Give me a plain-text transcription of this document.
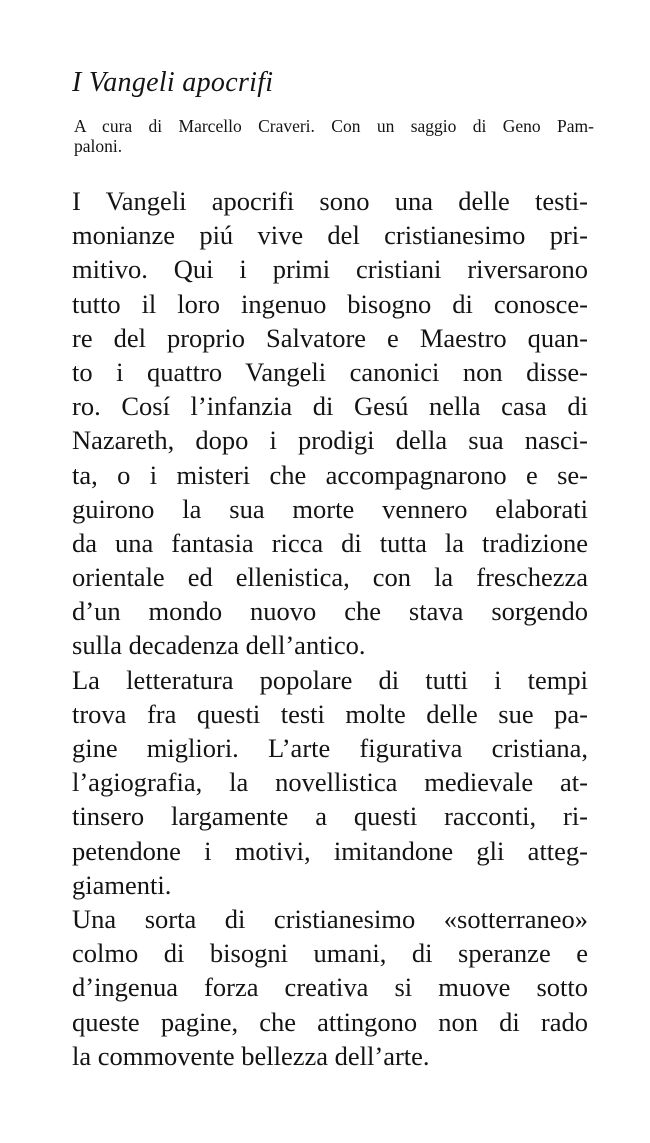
I Vangeli apocrifi
A cura di Marcello Craveri. Con un saggio di Geno Pam-
paloni.
I Vangeli apocrifi sono una delle testi-
monianze piú vive del cristianesimo pri-
mitivo. Qui i primi cristiani riversarono
tutto il loro ingenuo bisogno di conosce-
re del proprio Salvatore e Maestro quan-
to i quattro Vangeli canonici non disse-
ro. Cosí l’infanzia di Gesú nella casa di
Nazareth, dopo i prodigi della sua nasci-
ta, o i misteri che accompagnarono e se-
guirono la sua morte vennero elaborati
da una fantasia ricca di tutta la tradizione
orientale ed ellenistica, con la freschezza
d’un mondo nuovo che stava sorgendo
sulla decadenza dell’antico.
La letteratura popolare di tutti i tempi
trova fra questi testi molte delle sue pa-
gine migliori. L’arte figurativa cristiana,
l’agiografia, la novellistica medievale at-
tinsero largamente a questi racconti, ri-
petendone i motivi, imitandone gli atteg-
giamenti.
Una sorta di cristianesimo «sotterraneo»
colmo di bisogni umani, di speranze e
d’ingenua forza creativa si muove sotto
queste pagine, che attingono non di rado
la commovente bellezza dell’arte.
